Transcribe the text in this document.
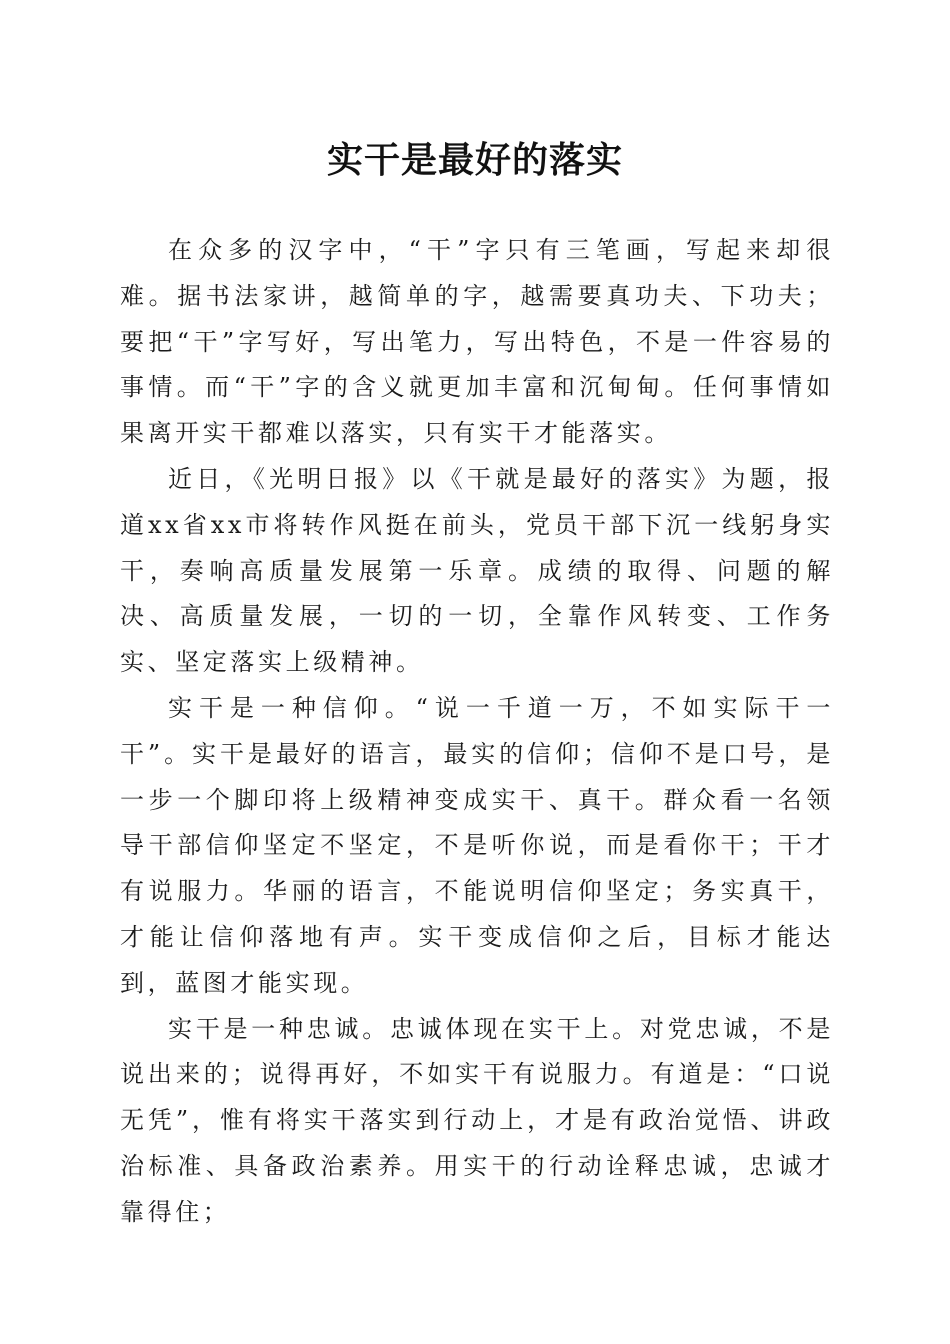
实干是最好的落实

在众多的汉字中，“干”字只有三笔画，写起来却很难。据书法家讲，越简单的字，越需要真功夫、下功夫；要把“干”字写好，写出笔力，写出特色，不是一件容易的事情。而“干”字的含义就更加丰富和沉甸甸。任何事情如果离开实干都难以落实，只有实干才能落实。

近日，《光明日报》以《干就是最好的落实》为题，报道xx省xx市将转作风挺在前头，党员干部下沉一线躬身实干，奏响高质量发展第一乐章。成绩的取得、问题的解决、高质量发展，一切的一切，全靠作风转变、工作务实、坚定落实上级精神。

实干是一种信仰。“说一千道一万，不如实际干一干”。实干是最好的语言，最实的信仰；信仰不是口号，是一步一个脚印将上级精神变成实干、真干。群众看一名领导干部信仰坚定不坚定，不是听你说，而是看你干；干才有说服力。华丽的语言，不能说明信仰坚定；务实真干，才能让信仰落地有声。实干变成信仰之后，目标才能达到，蓝图才能实现。

实干是一种忠诚。忠诚体现在实干上。对党忠诚，不是说出来的；说得再好，不如实干有说服力。有道是：“口说无凭”，惟有将实干落实到行动上，才是有政治觉悟、讲政治标准、具备政治素养。用实干的行动诠释忠诚，忠诚才靠得住；
